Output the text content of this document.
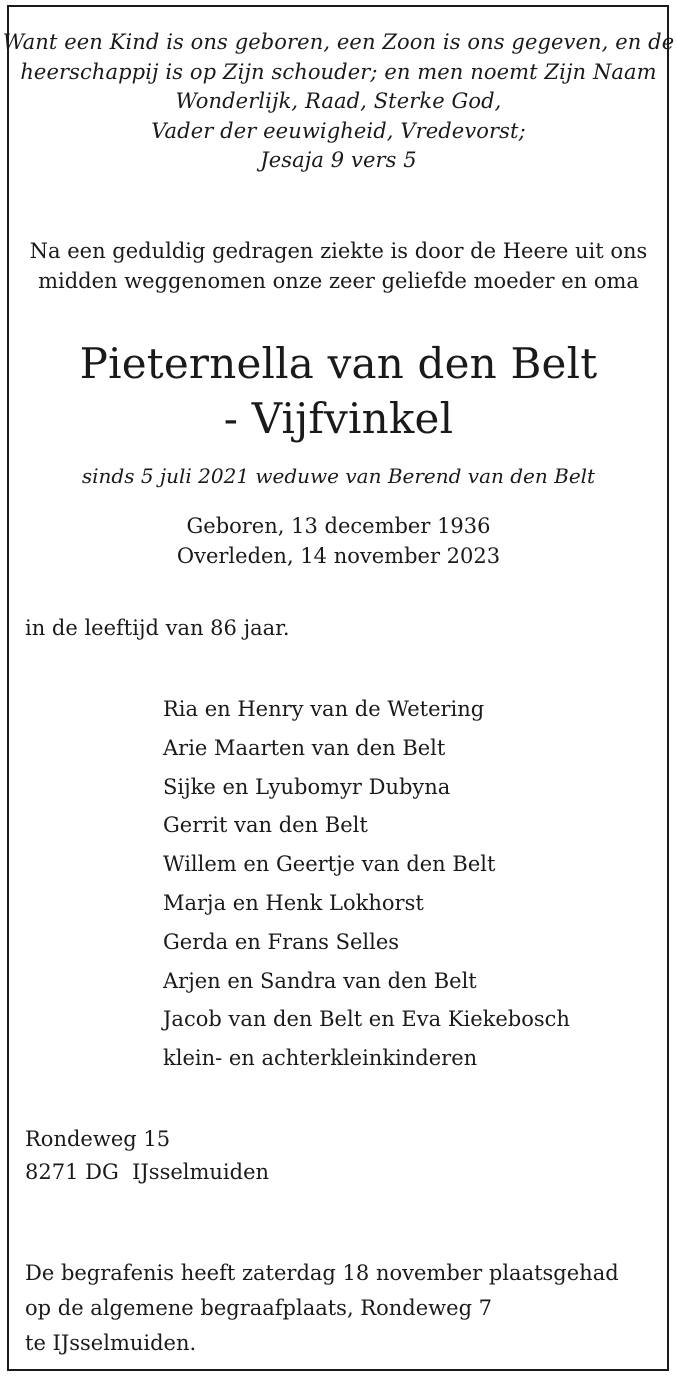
Want een Kind is ons geboren, een Zoon is ons gegeven, en de
heerschappij is op Zijn schouder; en men noemt Zijn Naam
Wonderlijk, Raad, Sterke God,
Vader der eeuwigheid, Vredevorst;
Jesaja 9 vers 5
Na een geduldig gedragen ziekte is door de Heere uit ons
midden weggenomen onze zeer geliefde moeder en oma
Pieternella van den Belt
- Vijfvinkel
sinds 5 juli 2021 weduwe van Berend van den Belt
Geboren, 13 december 1936
Overleden, 14 november 2023
in de leeftijd van 86 jaar.
Ria en Henry van de Wetering
Arie Maarten van den Belt
Sijke en Lyubomyr Dubyna
Gerrit van den Belt
Willem en Geertje van den Belt
Marja en Henk Lokhorst
Gerda en Frans Selles
Arjen en Sandra van den Belt
Jacob van den Belt en Eva Kiekebosch
klein- en achterkleinkinderen
Rondeweg 15
8271 DG  IJsselmuiden
De begrafenis heeft zaterdag 18 november plaatsgehad
op de algemene begraafplaats, Rondeweg 7
te IJsselmuiden.
